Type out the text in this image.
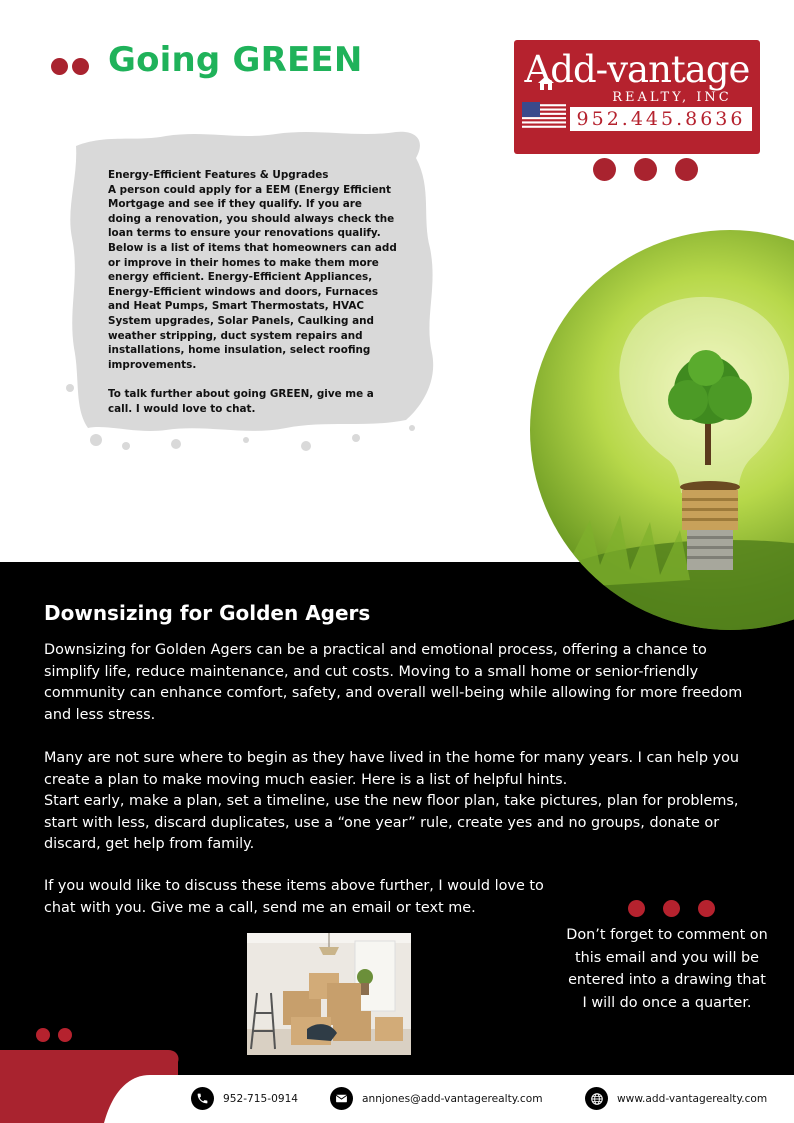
Going GREEN	Add-vantage
REALTY, INC
952.445.8636
Energy-Efficient Features & Upgrades
A person could apply for a EEM (Energy Efficient Mortgage and see if they qualify. If you are doing a renovation, you should always check the loan terms to ensure your renovations qualify. Below is a list of items that homeowners can add or improve in their homes to make them more energy efficient. Energy-Efficient Appliances, Energy-Efficient windows and doors, Furnaces and Heat Pumps, Smart Thermostats, HVAC System upgrades, Solar Panels, Caulking and weather stripping, duct system repairs and installations, home insulation, select roofing improvements.

To talk further about going GREEN, give me a call. I would love to chat.
Downsizing for Golden Agers
Downsizing for Golden Agers can be a practical and emotional process, offering a chance to simplify life, reduce maintenance, and cut costs. Moving to a small home or senior-friendly community can enhance comfort, safety, and overall well-being while allowing for more freedom and less stress.
Many are not sure where to begin as they have lived in the home for many years. I can help you create a plan to make moving much easier. Here is a list of helpful hints.
Start early, make a plan, set a timeline, use the new floor plan, take pictures, plan for problems, start with less, discard duplicates, use a “one year” rule, create yes and no groups, donate or discard, get help from family.
If you would like to discuss these items above further, I would love to chat with you. Give me a call, send me an email or text me.
Don’t forget to comment on this email and you will be entered into a drawing that I will do once a quarter.
952-715-0914	annjones@add-vantagerealty.com	www.add-vantagerealty.com
